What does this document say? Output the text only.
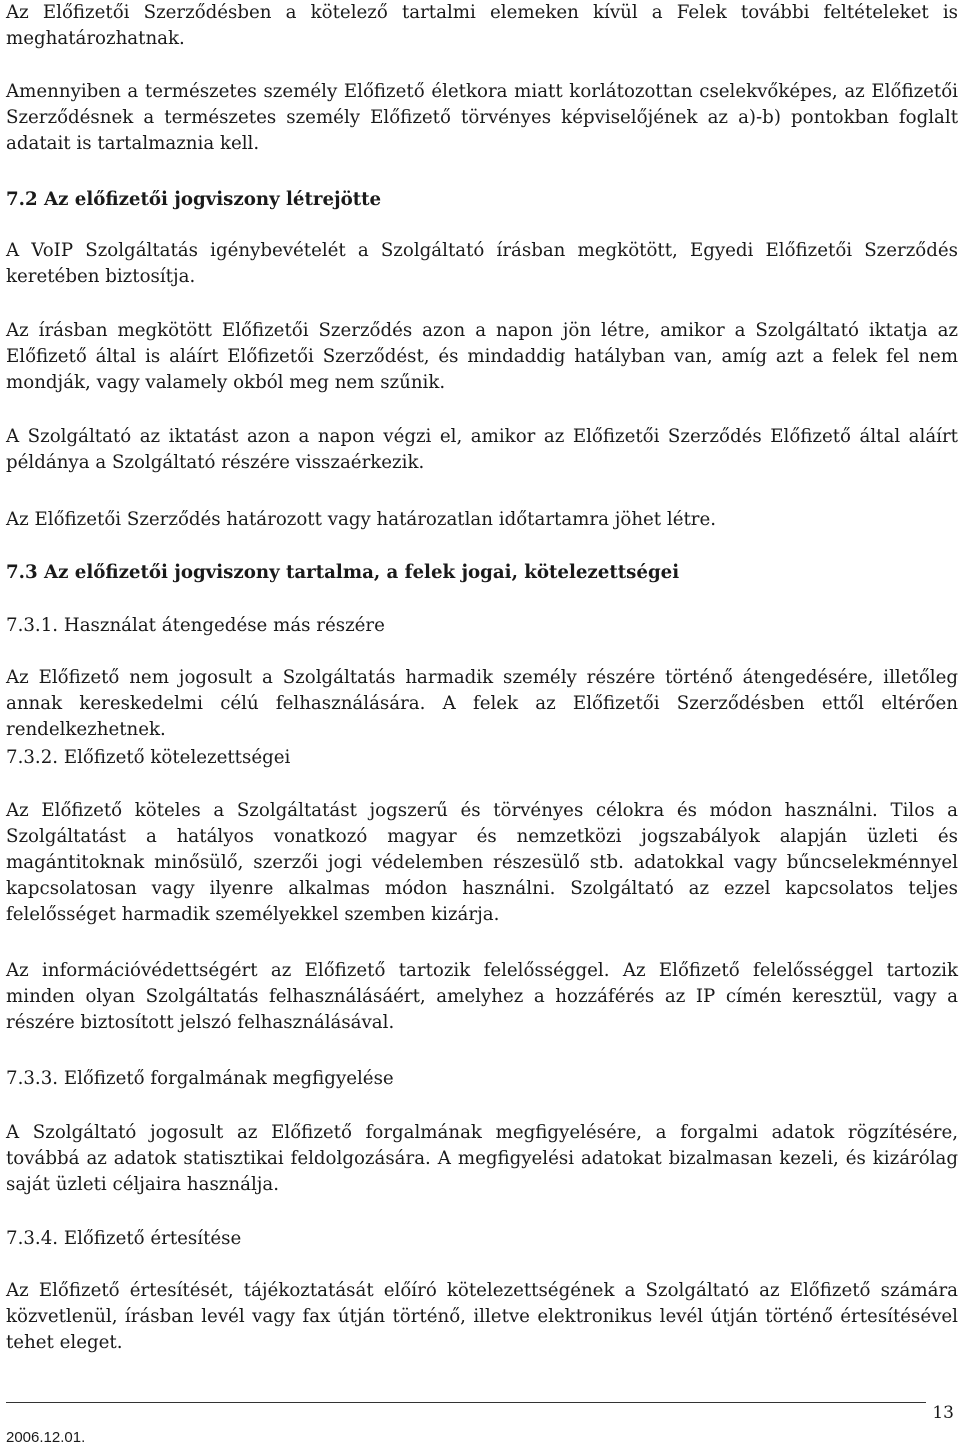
Az Előfizetői Szerződésben a kötelező tartalmi elemeken kívül a Felek további feltételeket is meghatározhatnak.

Amennyiben a természetes személy Előfizető életkora miatt korlátozottan cselekvőképes, az Előfizetői Szerződésnek a természetes személy Előfizető törvényes képviselőjének az a)-b) pontokban foglalt adatait is tartalmaznia kell.

7.2 Az előfizetői jogviszony létrejötte

A VoIP Szolgáltatás igénybevételét a Szolgáltató írásban megkötött, Egyedi Előfizetői Szerződés keretében biztosítja.

Az írásban megkötött Előfizetői Szerződés azon a napon jön létre, amikor a Szolgáltató iktatja az Előfizető által is aláírt Előfizetői Szerződést, és mindaddig hatályban van, amíg azt a felek fel nem mondják, vagy valamely okból meg nem szűnik.

A Szolgáltató az iktatást azon a napon végzi el, amikor az Előfizetői Szerződés Előfizető által aláírt példánya a Szolgáltató részére visszaérkezik.

Az Előfizetői Szerződés határozott vagy határozatlan időtartamra jöhet létre.

7.3 Az előfizetői jogviszony tartalma, a felek jogai, kötelezettségei

7.3.1. Használat átengedése más részére

Az Előfizető nem jogosult a Szolgáltatás harmadik személy részére történő átengedésére, illetőleg annak kereskedelmi célú felhasználására. A felek az Előfizetői Szerződésben ettől eltérően rendelkezhetnek.

7.3.2. Előfizető kötelezettségei

Az Előfizető köteles a Szolgáltatást jogszerű és törvényes célokra és módon használni. Tilos a Szolgáltatást a hatályos vonatkozó magyar és nemzetközi jogszabályok alapján üzleti és magántitoknak minősülő, szerzői jogi védelemben részesülő stb. adatokkal vagy bűncselekménnyel kapcsolatosan vagy ilyenre alkalmas módon használni. Szolgáltató az ezzel kapcsolatos teljes felelősséget harmadik személyekkel szemben kizárja.

Az információvédettségért az Előfizető tartozik felelősséggel. Az Előfizető felelősséggel tartozik minden olyan Szolgáltatás felhasználásáért, amelyhez a hozzáférés az IP címén keresztül, vagy a részére biztosított jelszó felhasználásával.

7.3.3. Előfizető forgalmának megfigyelése

A Szolgáltató jogosult az Előfizető forgalmának megfigyelésére, a forgalmi adatok rögzítésére, továbbá az adatok statisztikai feldolgozására. A megfigyelési adatokat bizalmasan kezeli, és kizárólag saját üzleti céljaira használja.

7.3.4. Előfizető értesítése

Az Előfizető értesítését, tájékoztatását előíró kötelezettségének a Szolgáltató az Előfizető számára közvetlenül, írásban levél vagy fax útján történő, illetve elektronikus levél útján történő értesítésével tehet eleget.

13
2006.12.01.
